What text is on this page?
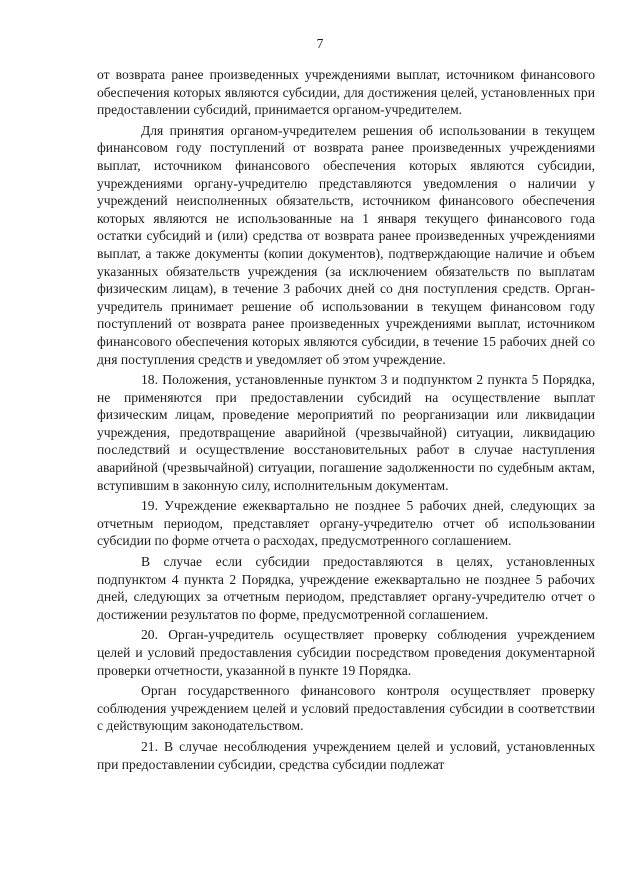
7

от возврата ранее произведенных учреждениями выплат, источником финансового обеспечения которых являются субсидии, для достижения целей, установленных при предоставлении субсидий, принимается органом-учредителем.

Для принятия органом-учредителем решения об использовании в текущем финансовом году поступлений от возврата ранее произведенных учреждениями выплат, источником финансового обеспечения которых являются субсидии, учреждениями органу-учредителю представляются уведомления о наличии у учреждений неисполненных обязательств, источником финансового обеспечения которых являются не использованные на 1 января текущего финансового года остатки субсидий и (или) средства от возврата ранее произведенных учреждениями выплат, а также документы (копии документов), подтверждающие наличие и объем указанных обязательств учреждения (за исключением обязательств по выплатам физическим лицам), в течение 3 рабочих дней со дня поступления средств. Орган-учредитель принимает решение об использовании в текущем финансовом году поступлений от возврата ранее произведенных учреждениями выплат, источником финансового обеспечения которых являются субсидии, в течение 15 рабочих дней со дня поступления средств и уведомляет об этом учреждение.

18. Положения, установленные пунктом 3 и подпунктом 2 пункта 5 Порядка, не применяются при предоставлении субсидий на осуществление выплат физическим лицам, проведение мероприятий по реорганизации или ликвидации учреждения, предотвращение аварийной (чрезвычайной) ситуации, ликвидацию последствий и осуществление восстановительных работ в случае наступления аварийной (чрезвычайной) ситуации, погашение задолженности по судебным актам, вступившим в законную силу, исполнительным документам.

19. Учреждение ежеквартально не позднее 5 рабочих дней, следующих за отчетным периодом, представляет органу-учредителю отчет об использовании субсидии по форме отчета о расходах, предусмотренного соглашением.

В случае если субсидии предоставляются в целях, установленных подпунктом 4 пункта 2 Порядка, учреждение ежеквартально не позднее 5 рабочих дней, следующих за отчетным периодом, представляет органу-учредителю отчет о достижении результатов по форме, предусмотренной соглашением.

20. Орган-учредитель осуществляет проверку соблюдения учреждением целей и условий предоставления субсидии посредством проведения документарной проверки отчетности, указанной в пункте 19 Порядка.

Орган государственного финансового контроля осуществляет проверку соблюдения учреждением целей и условий предоставления субсидии в соответствии с действующим законодательством.

21. В случае несоблюдения учреждением целей и условий, установленных при предоставлении субсидии, средства субсидии подлежат
